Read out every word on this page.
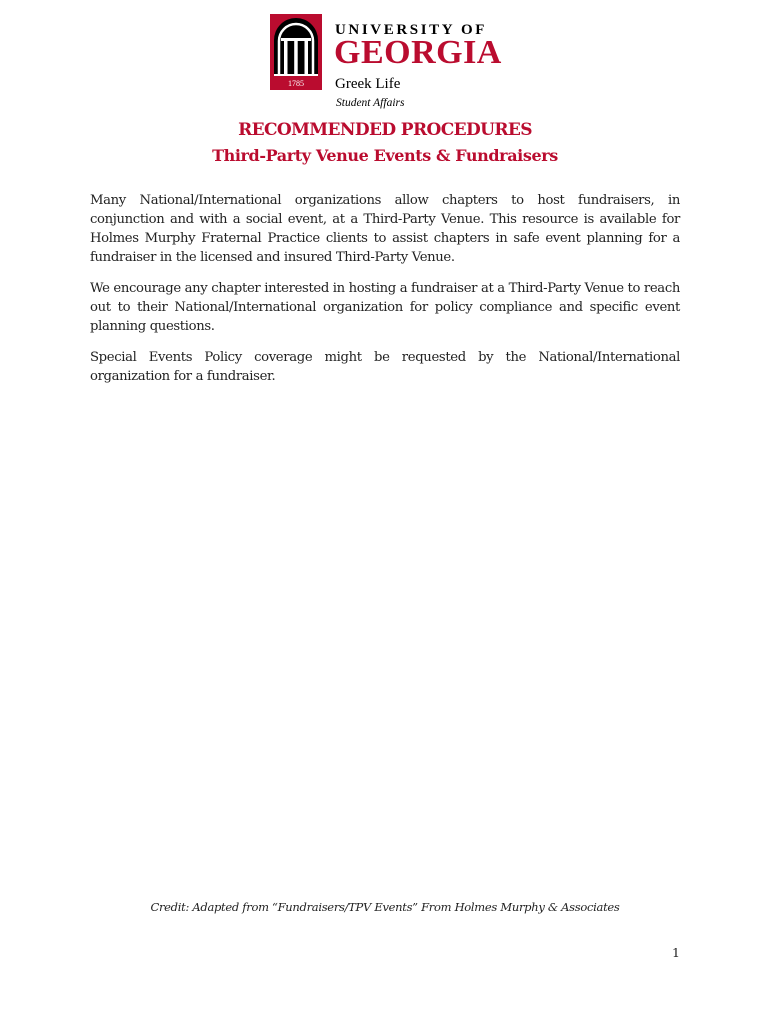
1785
UNIVERSITY OF
GEORGIA
Greek Life
Student Affairs
RECOMMENDED PROCEDURES
Third-Party Venue Events & Fundraisers

Many National/International organizations allow chapters to host fundraisers, in conjunction and with a social event, at a Third-Party Venue. This resource is available for Holmes Murphy Fraternal Practice clients to assist chapters in safe event planning for a fundraiser in the licensed and insured Third-Party Venue.

We encourage any chapter interested in hosting a fundraiser at a Third-Party Venue to reach out to their National/International organization for policy compliance and specific event planning questions.

Special Events Policy coverage might be requested by the National/International organization for a fundraiser.

Credit: Adapted from “Fundraisers/TPV Events” From Holmes Murphy & Associates
1
